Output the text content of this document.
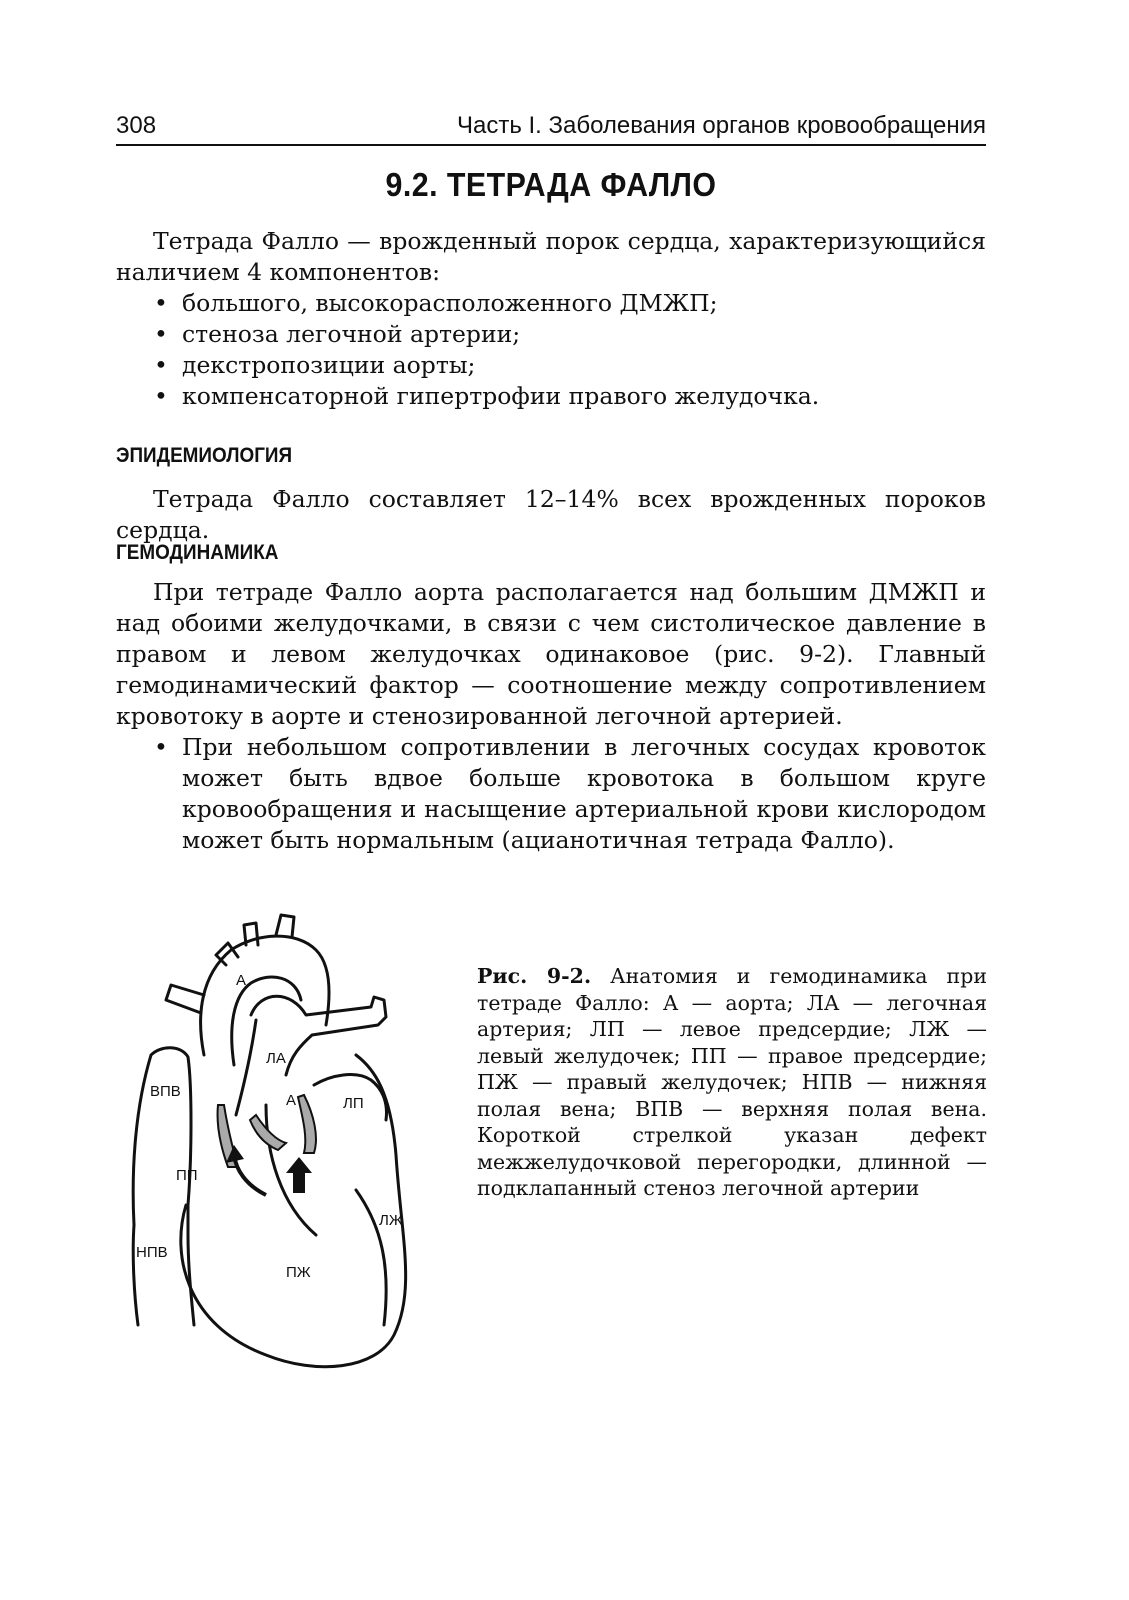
308	Часть I. Заболевания органов кровообращения
9.2. ТЕТРАДА ФАЛЛО
Тетрада Фалло — врожденный порок сердца, характеризующийся наличием 4 компонентов:
• большого, высокорасположенного ДМЖП;
• стеноза легочной артерии;
• декстропозиции аорты;
• компенсаторной гипертрофии правого желудочка.
ЭПИДЕМИОЛОГИЯ
Тетрада Фалло составляет 12–14% всех врожденных пороков сердца.
ГЕМОДИНАМИКА
При тетраде Фалло аорта располагается над большим ДМЖП и над обоими желудочками, в связи с чем систолическое давление в правом и левом желудочках одинаковое (рис. 9-2). Главный гемодинамический фактор — соотношение между сопротивлением кровотоку в аорте и стенозированной легочной артерией.
• При небольшом сопротивлении в легочных сосудах кровоток может быть вдвое больше кровотока в большом круге кровообращения и насыщение артериальной крови кислородом может быть нормальным (ацианотичная тетрада Фалло).
А
ЛА
А	ЛП
ВПВ
ПП
ЛЖ
НПВ
ПЖ
Рис. 9-2. Анатомия и гемодинамика при тетраде Фалло: А — аорта; ЛА — легочная артерия; ЛП — левое предсердие; ЛЖ — левый желудочек; ПП — правое предсердие; ПЖ — правый желудочек; НПВ — нижняя полая вена; ВПВ — верхняя полая вена. Короткой стрелкой указан дефект межжелудочковой перегородки, длинной — подклапанный стеноз легочной артерии
